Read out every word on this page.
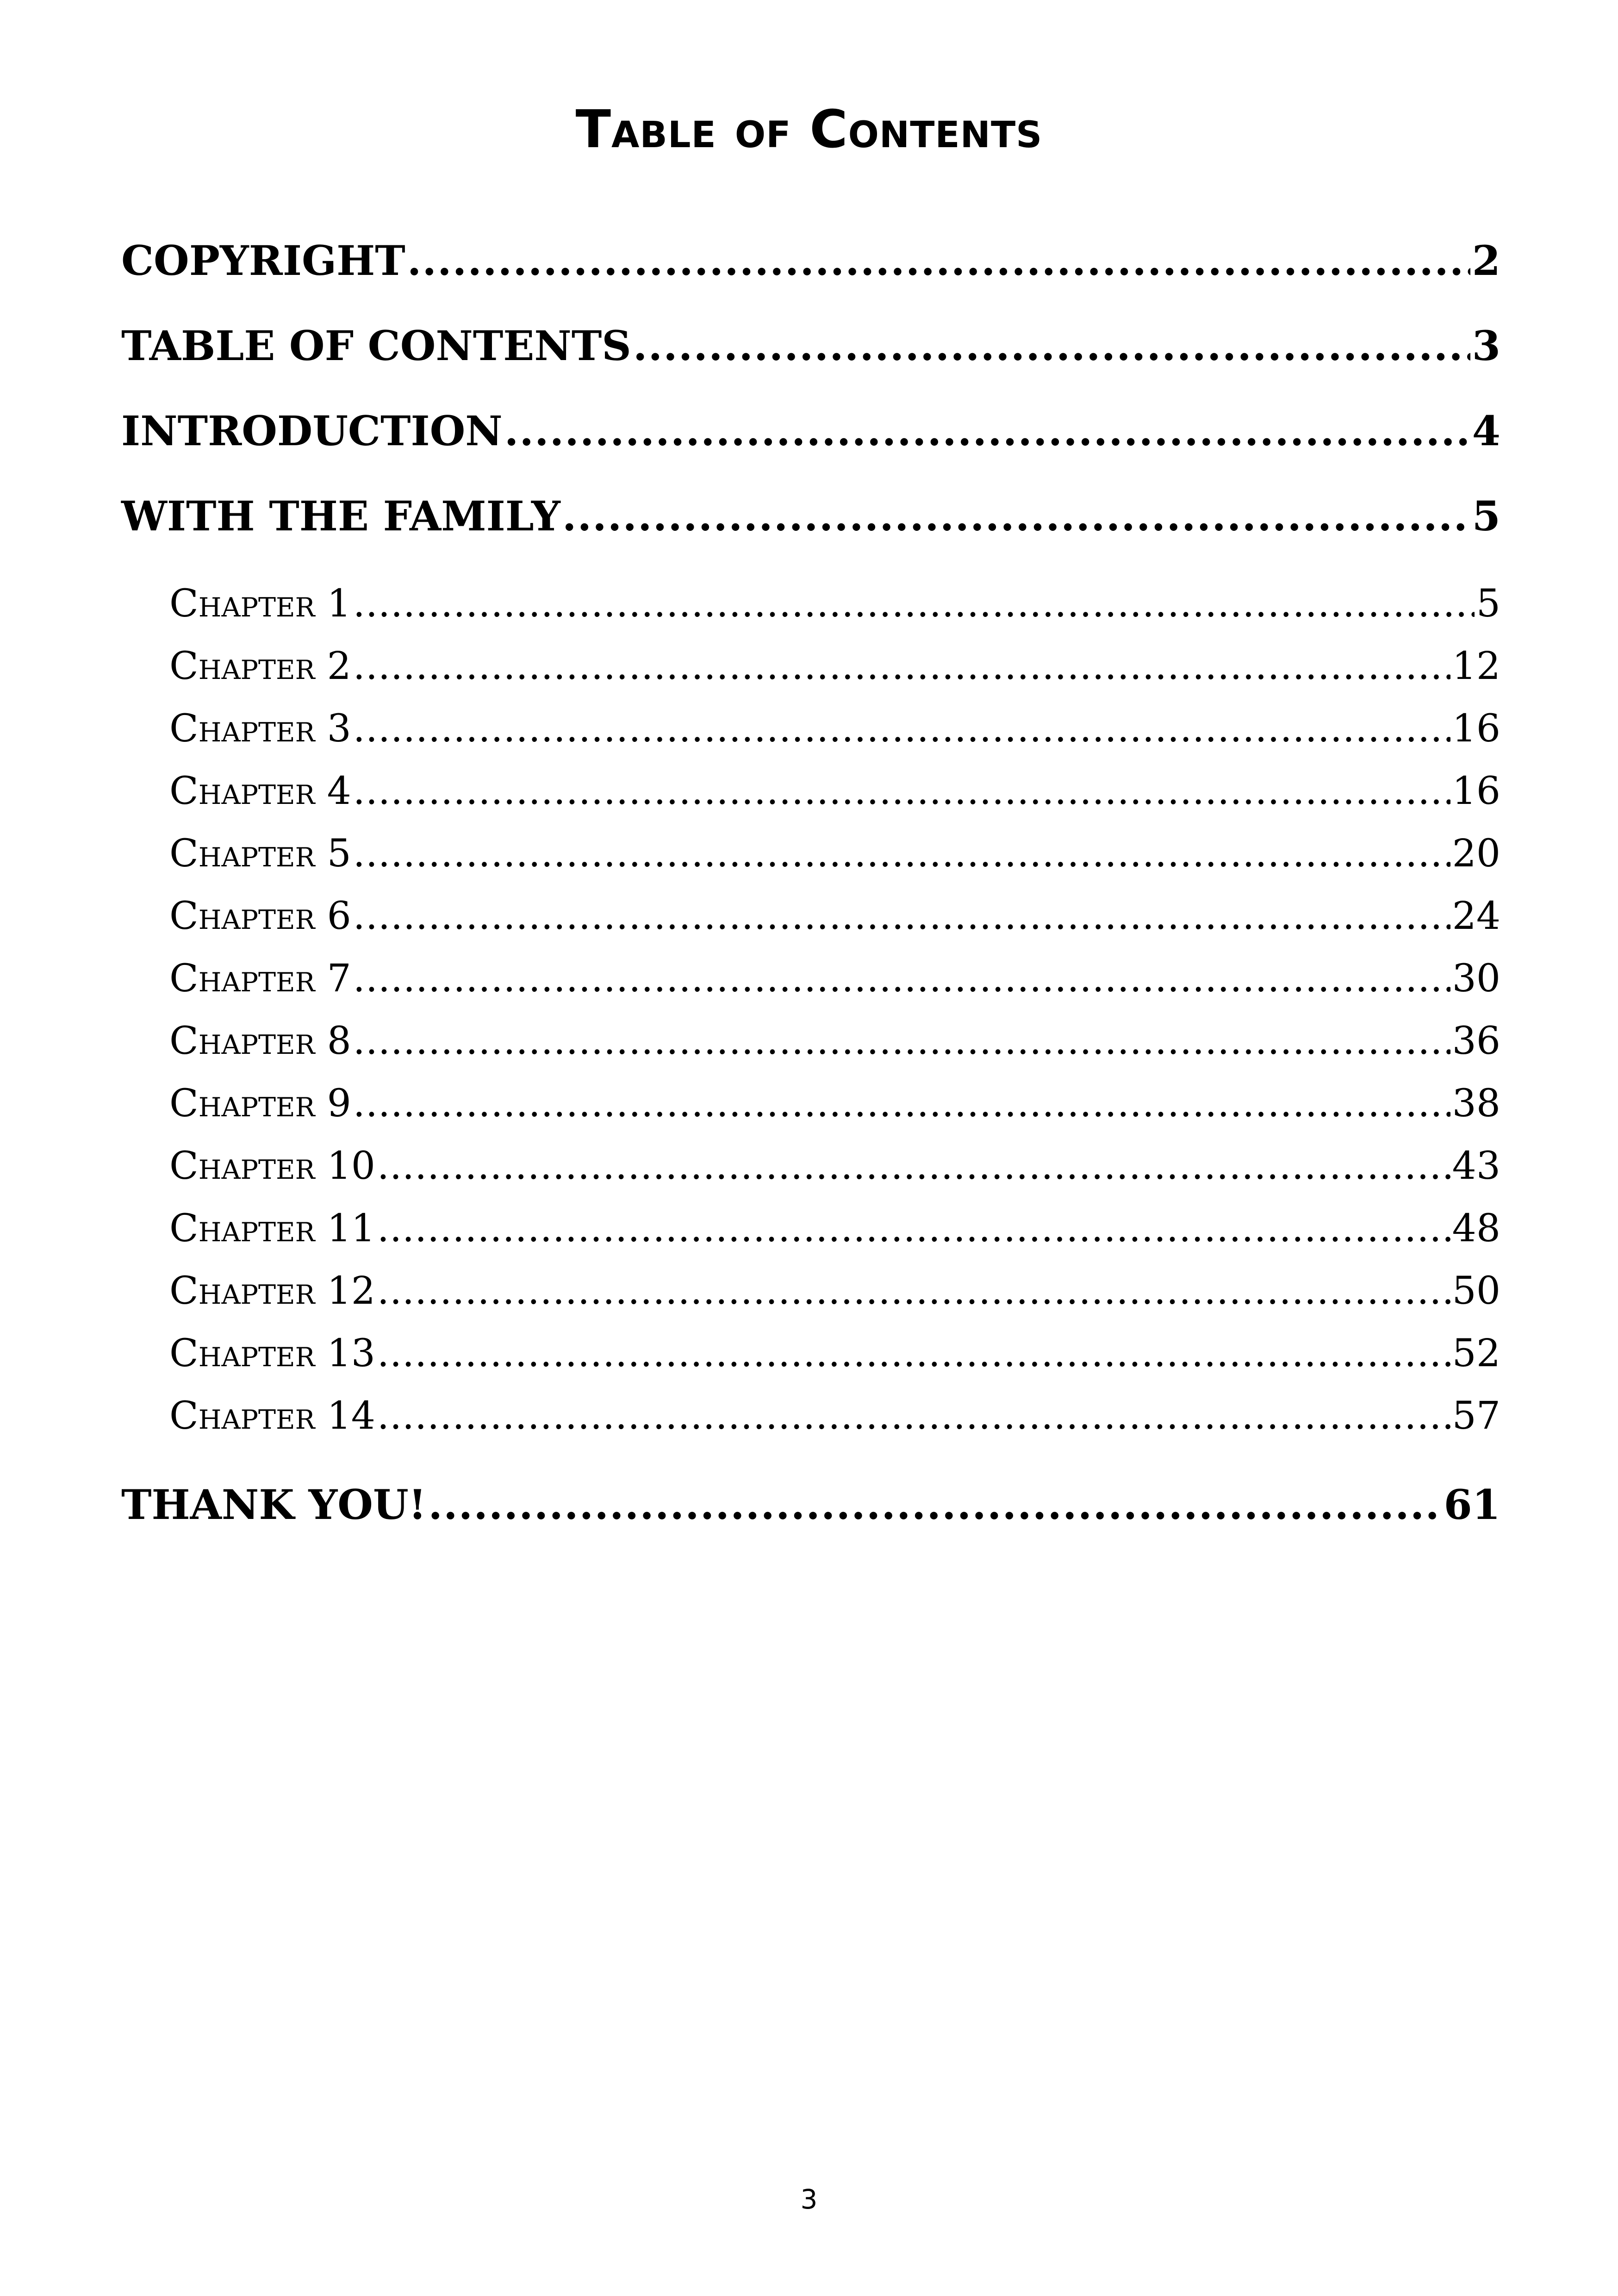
Table of Contents
COPYRIGHT .....	2
TABLE OF CONTENTS .....	3
INTRODUCTION .....	4
WITH THE FAMILY .....	5
Chapter 1 .....	5
Chapter 2 .....	12
Chapter 3 .....	16
Chapter 4 .....	16
Chapter 5 .....	20
Chapter 6 .....	24
Chapter 7 .....	30
Chapter 8 .....	36
Chapter 9 .....	38
Chapter 10 .....	43
Chapter 11 .....	48
Chapter 12 .....	50
Chapter 13 .....	52
Chapter 14 .....	57
THANK YOU! .....	61
3
